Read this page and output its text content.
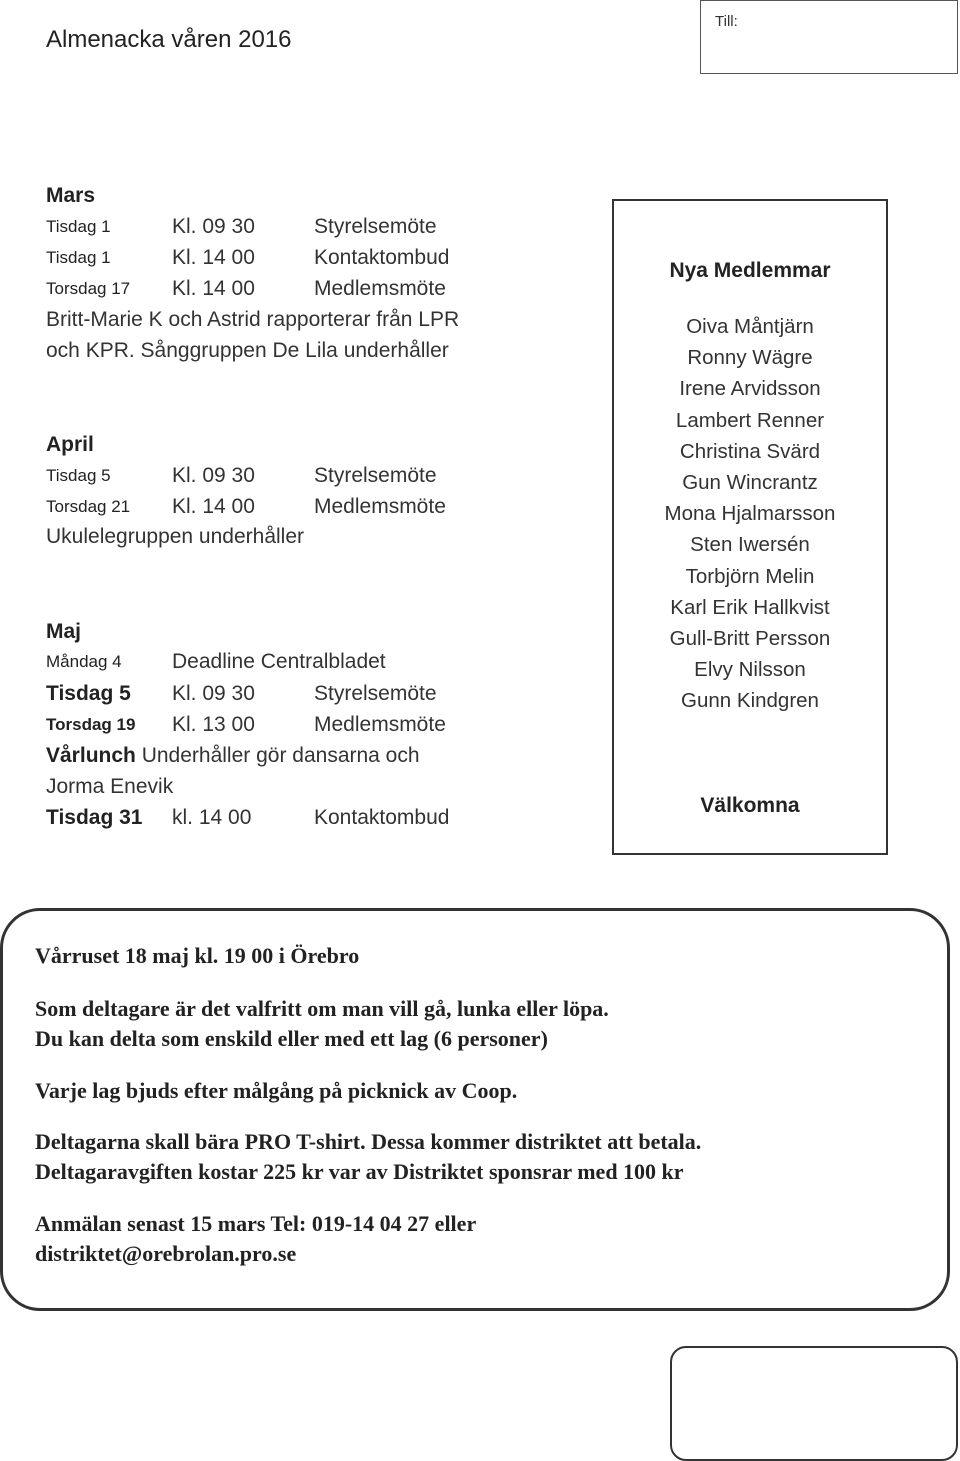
Almenacka våren 2016
Till:
Mars
Tisdag 1	Kl. 09 30	Styrelsemöte
Tisdag 1	Kl. 14 00	Kontaktombud
Torsdag 17 Kl. 14 00	Medlemsmöte
Britt-Marie K och Astrid rapporterar från LPR
och KPR. Sånggruppen De Lila underhåller
April
Tisdag 5	Kl. 09 30	Styrelsemöte
Torsdag 21 Kl. 14 00	Medlemsmöte
Ukulelegruppen underhåller
Maj
Måndag 4 Deadline Centralbladet
Tisdag 5 Kl. 09 30	Styrelsemöte
Torsdag 19 Kl. 13 00	Medlemsmöte
Vårlunch Underhåller gör dansarna och
Jorma Enevik
Tisdag 31 kl. 14 00	Kontaktombud
Nya Medlemmar
Oiva Måntjärn
Ronny Wägre
Irene Arvidsson
Lambert Renner
Christina Svärd
Gun Wincrantz
Mona Hjalmarsson
Sten Iwersén
Torbjörn Melin
Karl Erik Hallkvist
Gull-Britt Persson
Elvy Nilsson
Gunn Kindgren
Välkomna
Vårruset 18 maj kl. 19 00 i Örebro
Som deltagare är det valfritt om man vill gå, lunka eller löpa.
Du kan delta som enskild eller med ett lag (6 personer)
Varje lag bjuds efter målgång på picknick av Coop.
Deltagarna skall bära PRO T-shirt. Dessa kommer distriktet att betala.
Deltagaravgiften kostar 225 kr var av Distriktet sponsrar med 100 kr
Anmälan senast 15 mars Tel: 019-14 04 27 eller
distriktet@orebrolan.pro.se
